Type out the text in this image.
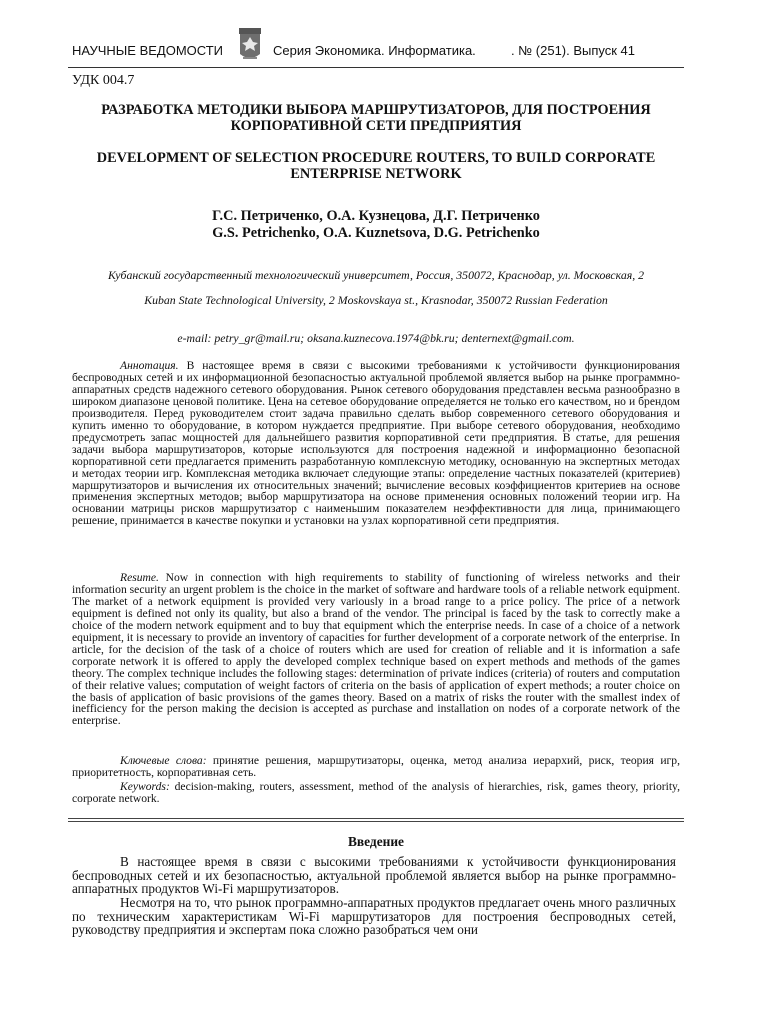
НАУЧНЫЕ ВЕДОМОСТИ	Серия Экономика. Информатика.	. № (251). Выпуск 41
УДК 004.7
РАЗРАБОТКА МЕТОДИКИ ВЫБОРА МАРШРУТИЗАТОРОВ, ДЛЯ ПОСТРОЕНИЯ КОРПОРАТИВНОЙ СЕТИ ПРЕДПРИЯТИЯ
DEVELOPMENT OF SELECTION PROCEDURE ROUTERS, TO BUILD CORPORATE ENTERPRISE NETWORK
Г.С. Петриченко, О.А. Кузнецова, Д.Г. Петриченко
G.S. Petrichenko, O.A. Kuznetsova, D.G. Petrichenko
Кубанский государственный технологический университет, Россия, 350072, Краснодар, ул. Московская, 2
Kuban State Technological University, 2 Moskovskaya st., Krasnodar, 350072 Russian Federation
e-mail: petry_gr@mail.ru; oksana.kuznecova.1974@bk.ru; denternext@gmail.com.
Аннотация. В настоящее время в связи с высокими требованиями к устойчивости функционирования беспроводных сетей и их информационной безопасностью актуальной проблемой является выбор на рынке программно-аппаратных средств надежного сетевого оборудования. Рынок сетевого оборудования представлен весьма разнообразно в широком диапазоне ценовой политике. Цена на сетевое оборудование определяется не только его качеством, но и брендом производителя. Перед руководителем стоит задача правильно сделать выбор современного сетевого оборудования и купить именно то оборудование, в котором нуждается предприятие. При выборе сетевого оборудования, необходимо предусмотреть запас мощностей для дальнейшего развития корпоративной сети предприятия. В статье, для решения задачи выбора маршрутизаторов, которые используются для построения надежной и информационно безопасной корпоративной сети предлагается применить разработанную комплексную методику, основанную на экспертных методах и методах теории игр. Комплексная методика включает следующие этапы: определение частных показателей (критериев) маршрутизаторов и вычисления их относительных значений; вычисление весовых коэффициентов критериев на основе применения экспертных методов; выбор маршрутизатора на основе применения основных положений теории игр. На основании матрицы рисков маршрутизатор с наименьшим показателем неэффективности для лица, принимающего решение, принимается в качестве покупки и установки на узлах корпоративной сети предприятия.
Resume. Now in connection with high requirements to stability of functioning of wireless networks and their information security an urgent problem is the choice in the market of software and hardware tools of a reliable network equipment. The market of a network equipment is provided very variously in a broad range to a price policy. The price of a network equipment is defined not only its quality, but also a brand of the vendor. The principal is faced by the task to correctly make a choice of the modern network equipment and to buy that equipment which the enterprise needs. In case of a choice of a network equipment, it is necessary to provide an inventory of capacities for further development of a corporate network of the enterprise. In article, for the decision of the task of a choice of routers which are used for creation of reliable and it is information a safe corporate network it is offered to apply the developed complex technique based on expert methods and methods of the games theory. The complex technique includes the following stages: determination of private indices (criteria) of routers and computation of their relative values; computation of weight factors of criteria on the basis of application of expert methods; a router choice on the basis of application of basic provisions of the games theory. Based on a matrix of risks the router with the smallest index of inefficiency for the person making the decision is accepted as purchase and installation on nodes of a corporate network of the enterprise.
Ключевые слова: принятие решения, маршрутизаторы, оценка, метод анализа иерархий, риск, теория игр, приоритетность, корпоративная сеть.
Keywords: decision-making, routers, assessment, method of the analysis of hierarchies, risk, games theory, priority, corporate network.
Введение
В настоящее время в связи с высокими требованиями к устойчивости функционирования беспроводных сетей и их безопасностью, актуальной проблемой является выбор на рынке программно-аппаратных продуктов Wi-Fi маршрутизаторов.
Несмотря на то, что рынок программно-аппаратных продуктов предлагает очень много различных по техническим характеристикам Wi-Fi маршрутизаторов для построения беспроводных сетей, руководству предприятия и экспертам пока сложно разобраться чем они
